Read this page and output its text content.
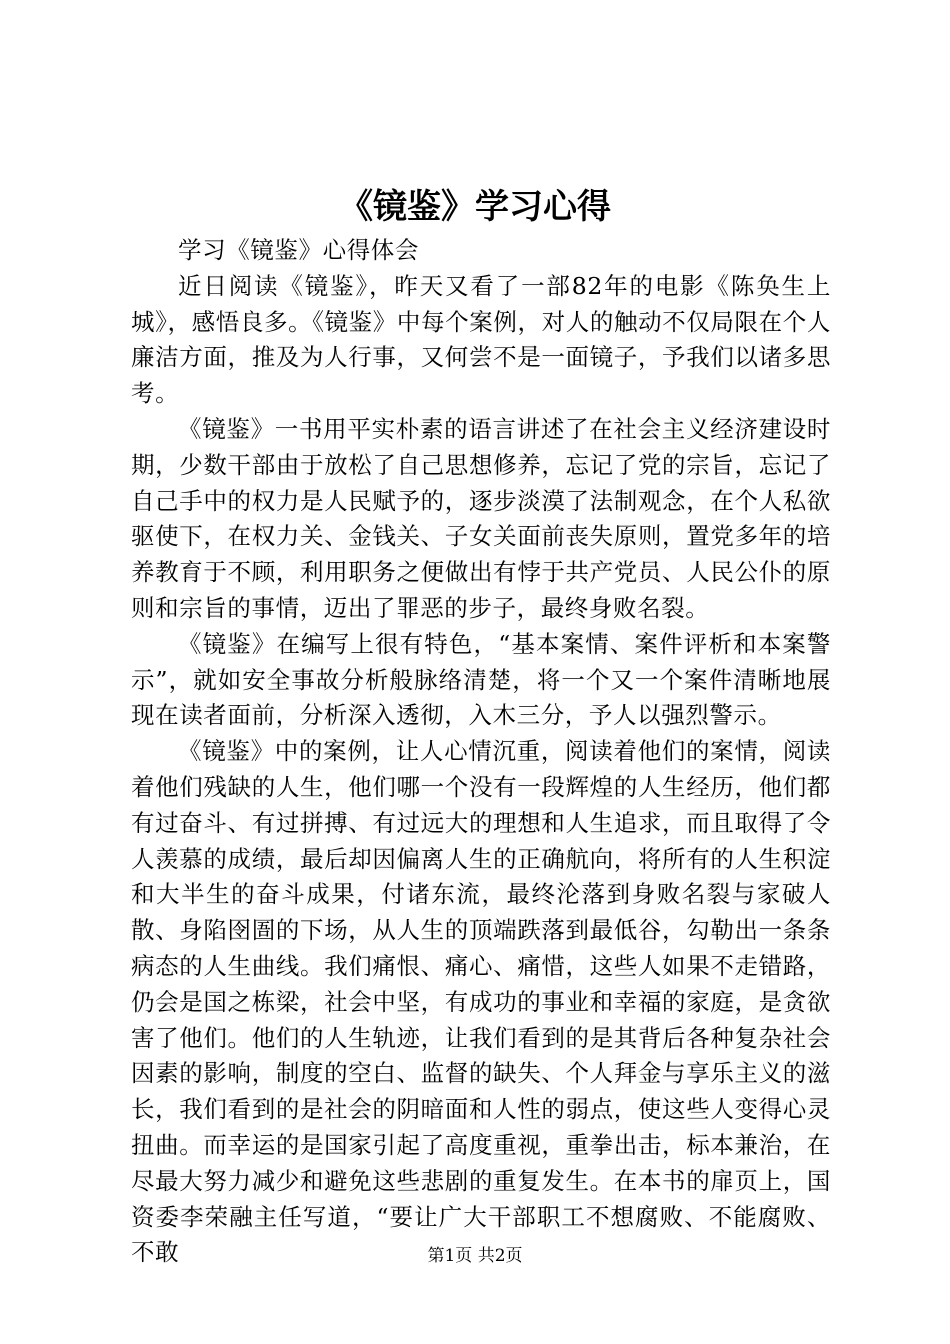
《镜鉴》学习心得

学习《镜鉴》心得体会

近日阅读《镜鉴》，昨天又看了一部82年的电影《陈奂生上城》，感悟良多。《镜鉴》中每个案例，对人的触动不仅局限在个人廉洁方面，推及为人行事，又何尝不是一面镜子，予我们以诸多思考。

《镜鉴》一书用平实朴素的语言讲述了在社会主义经济建设时期，少数干部由于放松了自己思想修养，忘记了党的宗旨，忘记了自己手中的权力是人民赋予的，逐步淡漠了法制观念，在个人私欲驱使下，在权力关、金钱关、子女关面前丧失原则，置党多年的培养教育于不顾，利用职务之便做出有悖于共产党员、人民公仆的原则和宗旨的事情，迈出了罪恶的步子，最终身败名裂。

《镜鉴》在编写上很有特色，“基本案情、案件评析和本案警示”，就如安全事故分析般脉络清楚，将一个又一个案件清晰地展现在读者面前，分析深入透彻，入木三分，予人以强烈警示。

《镜鉴》中的案例，让人心情沉重，阅读着他们的案情，阅读着他们残缺的人生，他们哪一个没有一段辉煌的人生经历，他们都有过奋斗、有过拼搏、有过远大的理想和人生追求，而且取得了令人羡慕的成绩，最后却因偏离人生的正确航向，将所有的人生积淀和大半生的奋斗成果，付诸东流，最终沦落到身败名裂与家破人散、身陷囹圄的下场，从人生的顶端跌落到最低谷，勾勒出一条条病态的人生曲线。我们痛恨、痛心、痛惜，这些人如果不走错路，仍会是国之栋梁，社会中坚，有成功的事业和幸福的家庭，是贪欲害了他们。他们的人生轨迹，让我们看到的是其背后各种复杂社会因素的影响，制度的空白、监督的缺失、个人拜金与享乐主义的滋长，我们看到的是社会的阴暗面和人性的弱点，使这些人变得心灵扭曲。而幸运的是国家引起了高度重视，重拳出击，标本兼治，在尽最大努力减少和避免这些悲剧的重复发生。在本书的扉页上，国资委李荣融主任写道，“要让广大干部职工不想腐败、不能腐败、不敢	第1页 共2页
